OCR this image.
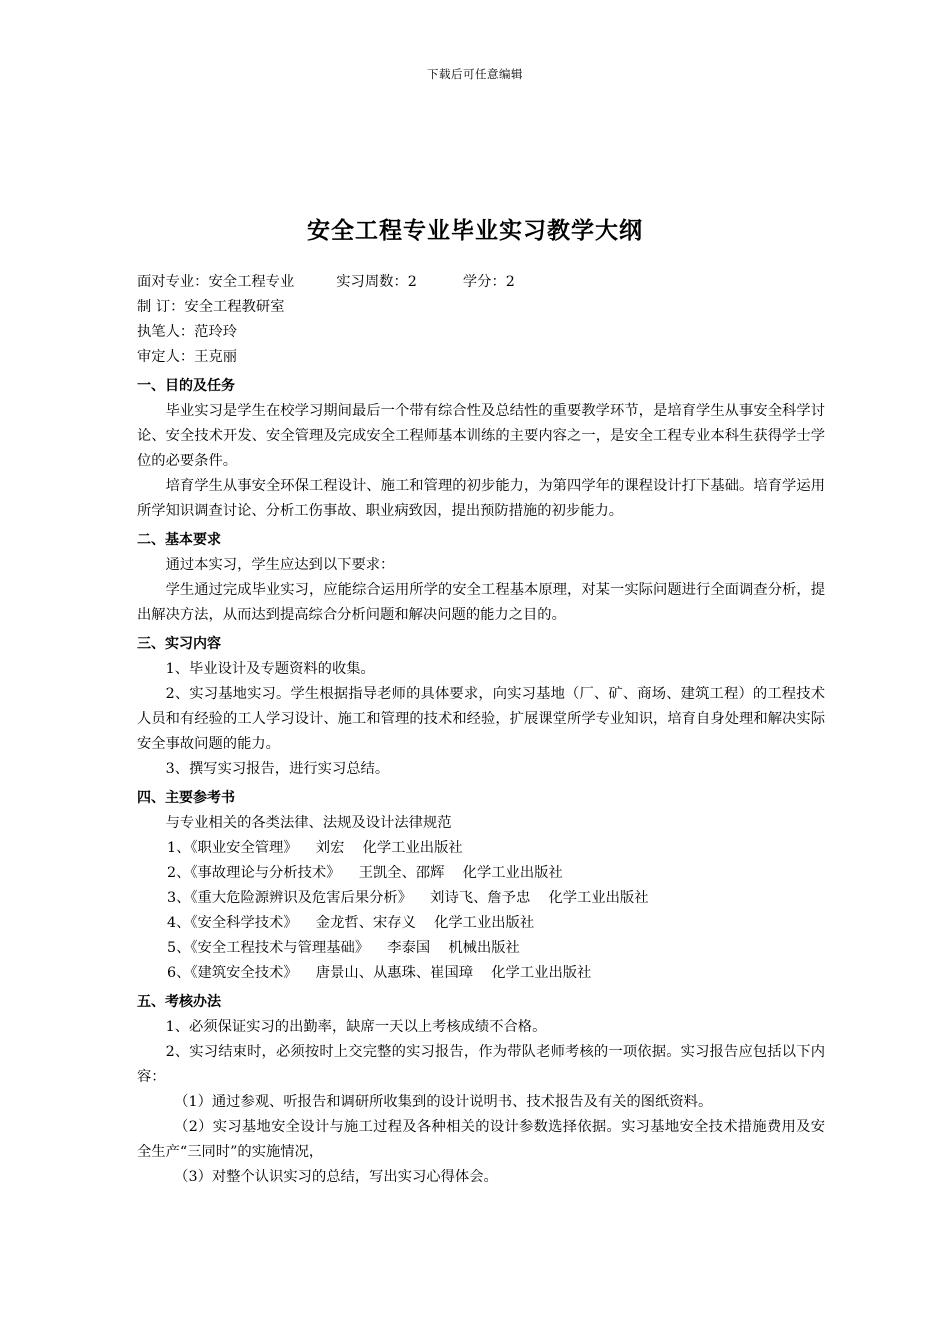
下载后可任意编辑
安全工程专业毕业实习教学大纲
面对专业：安全工程专业	实习周数：2	学分：2
制 订：安全工程教研室
执笔人：范玲玲
审定人：王克丽
一、目的及任务
毕业实习是学生在校学习期间最后一个带有综合性及总结性的重要教学环节，是培育学生从事安全科学讨论、安全技术开发、安全管理及完成安全工程师基本训练的主要内容之一，是安全工程专业本科生获得学士学位的必要条件。
培育学生从事安全环保工程设计、施工和管理的初步能力，为第四学年的课程设计打下基础。培育学运用所学知识调查讨论、分析工伤事故、职业病致因，提出预防措施的初步能力。
二、基本要求
通过本实习，学生应达到以下要求：
学生通过完成毕业实习，应能综合运用所学的安全工程基本原理，对某一实际问题进行全面调查分析，提出解决方法，从而达到提高综合分析问题和解决问题的能力之目的。
三、实习内容
1、毕业设计及专题资料的收集。
2、实习基地实习。学生根据指导老师的具体要求，向实习基地（厂、矿、商场、建筑工程）的工程技术人员和有经验的工人学习设计、施工和管理的技术和经验，扩展课堂所学专业知识，培育自身处理和解决实际安全事故问题的能力。
3、撰写实习报告，进行实习总结。
四、主要参考书
与专业相关的各类法律、法规及设计法律规范
1、《职业安全管理》    刘宏    化学工业出版社
2、《事故理论与分析技术》    王凯全、邵辉    化学工业出版社
3、《重大危险源辨识及危害后果分析》    刘诗飞、詹予忠    化学工业出版社
4、《安全科学技术》    金龙哲、宋存义    化学工业出版社
5、《安全工程技术与管理基础》    李泰国    机械出版社
6、《建筑安全技术》    唐景山、从惠珠、崔国璋    化学工业出版社
五、考核办法
1、必须保证实习的出勤率，缺席一天以上考核成绩不合格。
2、实习结束时，必须按时上交完整的实习报告，作为带队老师考核的一项依据。实习报告应包括以下内容：
（1）通过参观、听报告和调研所收集到的设计说明书、技术报告及有关的图纸资料。
（2）实习基地安全设计与施工过程及各种相关的设计参数选择依据。实习基地安全技术措施费用及安全生产“三同时”的实施情况，
（3）对整个认识实习的总结，写出实习心得体会。
